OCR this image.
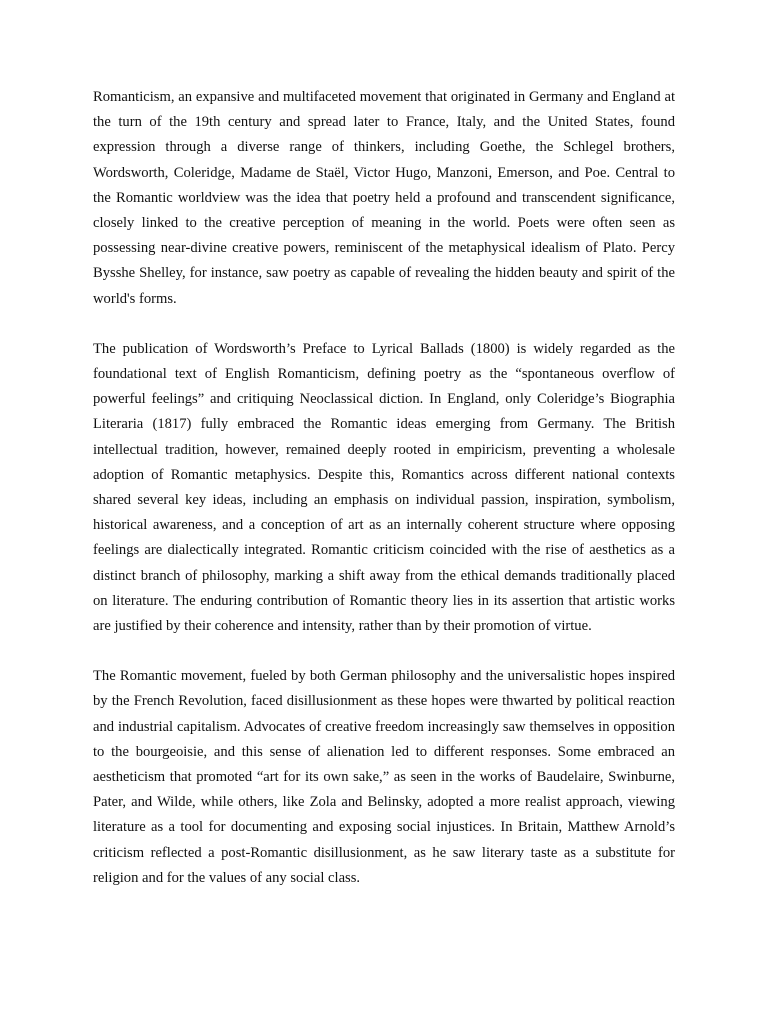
Romanticism, an expansive and multifaceted movement that originated in Germany and England at the turn of the 19th century and spread later to France, Italy, and the United States, found expression through a diverse range of thinkers, including Goethe, the Schlegel brothers, Wordsworth, Coleridge, Madame de Staël, Victor Hugo, Manzoni, Emerson, and Poe. Central to the Romantic worldview was the idea that poetry held a profound and transcendent significance, closely linked to the creative perception of meaning in the world. Poets were often seen as possessing near-divine creative powers, reminiscent of the metaphysical idealism of Plato. Percy Bysshe Shelley, for instance, saw poetry as capable of revealing the hidden beauty and spirit of the world's forms.

The publication of Wordsworth’s Preface to Lyrical Ballads (1800) is widely regarded as the foundational text of English Romanticism, defining poetry as the “spontaneous overflow of powerful feelings” and critiquing Neoclassical diction. In England, only Coleridge’s Biographia Literaria (1817) fully embraced the Romantic ideas emerging from Germany. The British intellectual tradition, however, remained deeply rooted in empiricism, preventing a wholesale adoption of Romantic metaphysics. Despite this, Romantics across different national contexts shared several key ideas, including an emphasis on individual passion, inspiration, symbolism, historical awareness, and a conception of art as an internally coherent structure where opposing feelings are dialectically integrated. Romantic criticism coincided with the rise of aesthetics as a distinct branch of philosophy, marking a shift away from the ethical demands traditionally placed on literature. The enduring contribution of Romantic theory lies in its assertion that artistic works are justified by their coherence and intensity, rather than by their promotion of virtue.

The Romantic movement, fueled by both German philosophy and the universalistic hopes inspired by the French Revolution, faced disillusionment as these hopes were thwarted by political reaction and industrial capitalism. Advocates of creative freedom increasingly saw themselves in opposition to the bourgeoisie, and this sense of alienation led to different responses. Some embraced an aestheticism that promoted “art for its own sake,” as seen in the works of Baudelaire, Swinburne, Pater, and Wilde, while others, like Zola and Belinsky, adopted a more realist approach, viewing literature as a tool for documenting and exposing social injustices. In Britain, Matthew Arnold’s criticism reflected a post-Romantic disillusionment, as he saw literary taste as a substitute for religion and for the values of any social class.
